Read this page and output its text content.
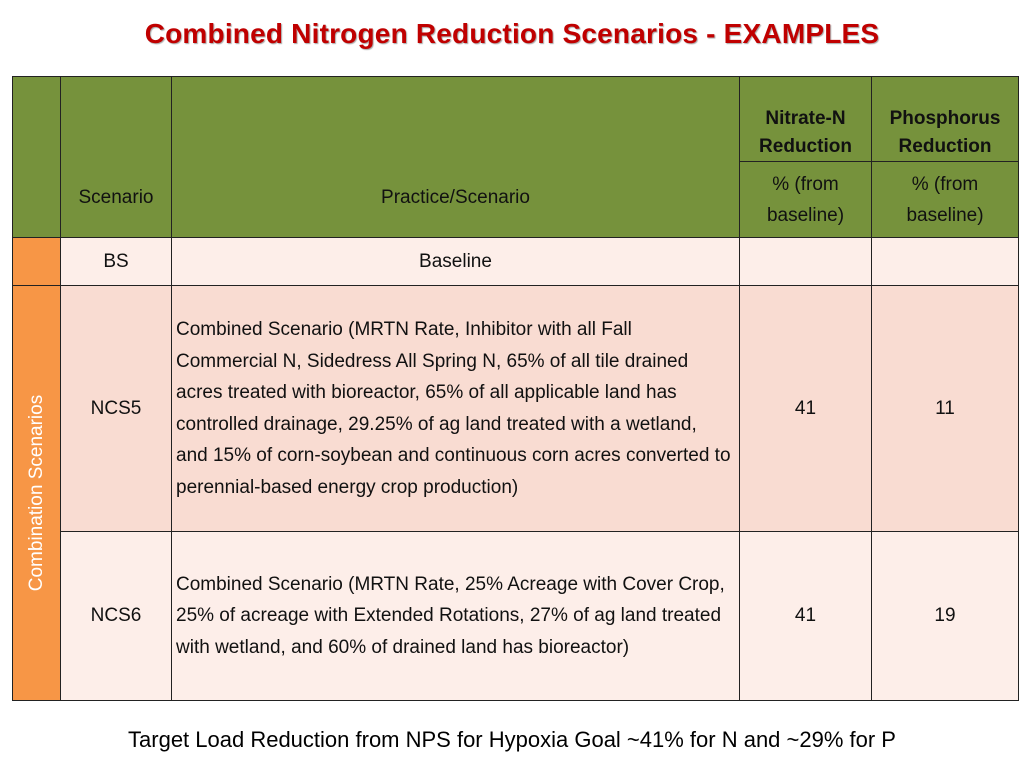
Combined Nitrogen Reduction Scenarios - EXAMPLES
	Scenario	Practice/Scenario	Nitrate-N Reduction	Phosphorus Reduction

			% (from baseline)	% (from baseline)

	BS	Baseline		

Combination Scenarios	NCS5	Combined Scenario (MRTN Rate, Inhibitor with all Fall Commercial N, Sidedress All Spring N, 65% of all tile drained acres treated with bioreactor, 65% of all applicable land has controlled drainage, 29.25% of ag land treated with a wetland, and 15% of corn-soybean and continuous corn acres converted to perennial-based energy crop production)	41	11
	NCS6	Combined Scenario (MRTN Rate, 25% Acreage with Cover Crop, 25% of acreage with Extended Rotations, 27% of ag land treated with wetland, and 60% of drained land has bioreactor)	41	19
Target Load Reduction from NPS for Hypoxia Goal ~41% for N and ~29% for P
